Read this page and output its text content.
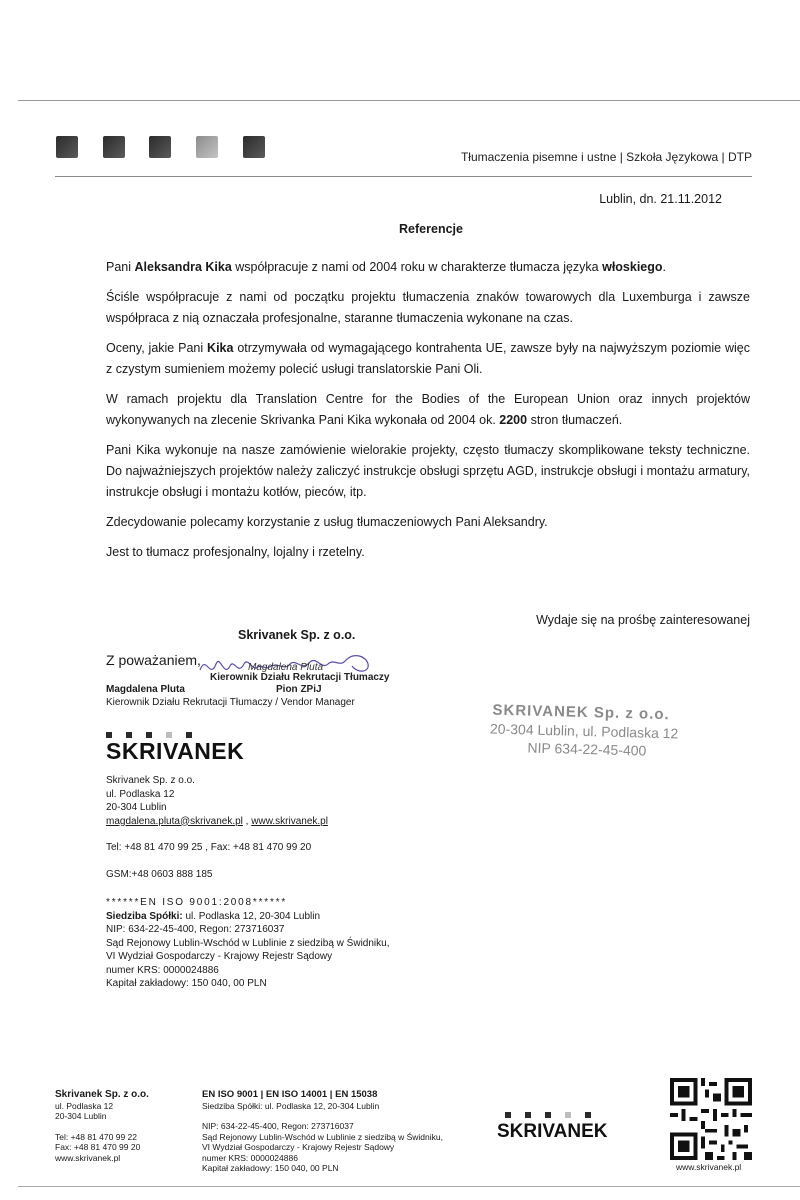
Tłumaczenia pisemne i ustne | Szkoła Językowa | DTP
Lublin, dn. 21.11.2012
Referencje

Pani Aleksandra Kika współpracuje z nami od 2004 roku w charakterze tłumacza języka włoskiego.

Ściśle współpracuje z nami od początku projektu tłumaczenia znaków towarowych dla Luxemburga i zawsze współpraca z nią oznaczała profesjonalne, staranne tłumaczenia wykonane na czas.

Oceny, jakie Pani Kika otrzymywała od wymagającego kontrahenta UE, zawsze były na najwyższym poziomie więc z czystym sumieniem możemy polecić usługi translatorskie Pani Oli.

W ramach projektu dla Translation Centre for the Bodies of the European Union oraz innych projektów wykonywanych na zlecenie Skrivanka Pani Kika wykonała od 2004 ok. 2200 stron tłumaczeń.

Pani Kika wykonuje na nasze zamówienie wielorakie projekty, często tłumaczy skomplikowane teksty techniczne. Do najważniejszych projektów należy zaliczyć instrukcje obsługi sprzętu AGD, instrukcje obsługi i montażu armatury, instrukcje obsługi i montażu kotłów, pieców, itp.

Zdecydowanie polecamy korzystanie z usług tłumaczeniowych Pani Aleksandry.

Jest to tłumacz profesjonalny, lojalny i rzetelny.

Wydaje się na prośbę zainteresowanej
Skrivanek Sp. z o.o.
Z poważaniem,	Magdalena Pluta
Kierownik Działu Rekrutacji Tłumaczy
Pion ZPiJ
Magdalena Pluta
Kierownik Działu Rekrutacji Tłumaczy / Vendor Manager	SKRIVANEK Sp. z o.o.
20-304 Lublin, ul. Podlaska 12
NIP 634-22-45-400
SKRIVANEK
Skrivanek Sp. z o.o.
ul. Podlaska 12
20-304 Lublin
magdalena.pluta@skrivanek.pl , www.skrivanek.pl
Tel: +48 81 470 99 25 , Fax: +48 81 470 99 20
GSM:+48 0603 888 185
******EN ISO 9001:2008******
Siedziba Spółki: ul. Podlaska 12, 20-304 Lublin
NIP: 634-22-45-400, Regon: 273716037
Sąd Rejonowy Lublin-Wschód w Lublinie z siedzibą w Świdniku,
VI Wydział Gospodarczy - Krajowy Rejestr Sądowy
numer KRS: 0000024886
Kapitał zakładowy: 150 040, 00 PLN
Skrivanek Sp. z o.o.
ul. Podlaska 12
20-304 Lublin
Tel: +48 81 470 99 22
Fax: +48 81 470 99 20
www.skrivanek.pl
EN ISO 9001 | EN ISO 14001 | EN 15038
Siedziba Spółki: ul. Podlaska 12, 20-304 Lublin
NIP: 634-22-45-400, Regon: 273716037
Sąd Rejonowy Lublin-Wschód w Lublinie z siedzibą w Świdniku,
VI Wydział Gospodarczy - Krajowy Rejestr Sądowy
numer KRS: 0000024886
Kapitał zakładowy: 150 040, 00 PLN
SKRIVANEK
www.skrivanek.pl
